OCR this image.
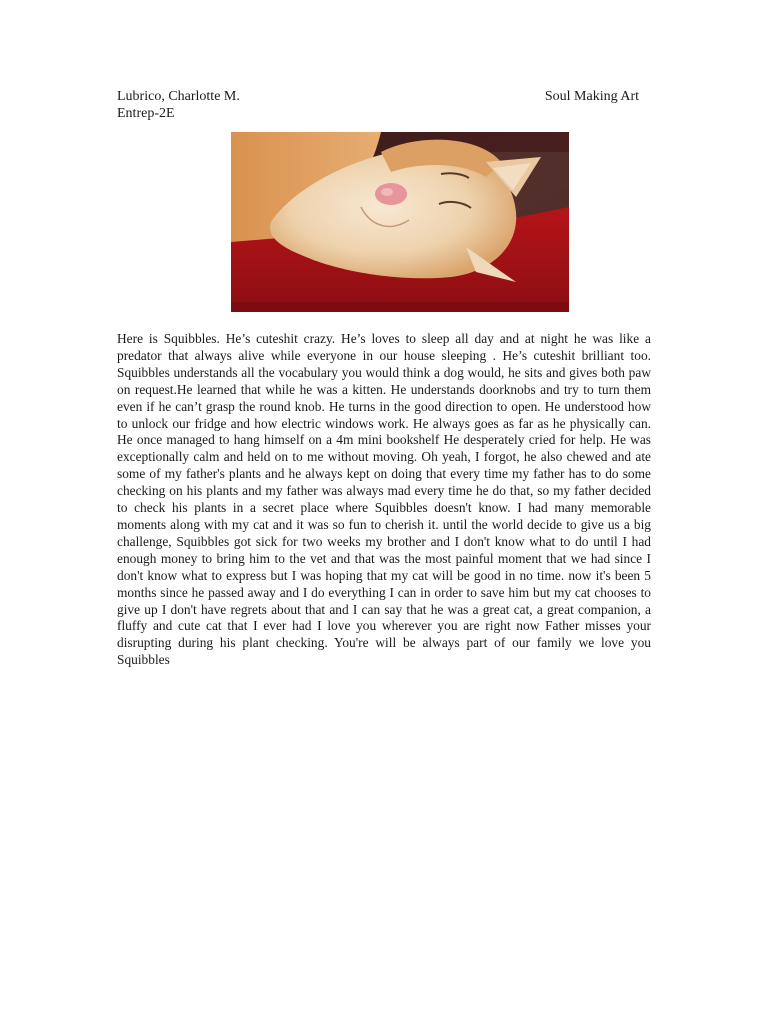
Lubrico, Charlotte M.	Soul Making Art
Entrep-2E

Here is Squibbles. He’s cuteshit crazy. He’s loves to sleep all day and at night he was like a predator that always alive while everyone in our house sleeping . He’s cuteshit brilliant too. Squibbles understands all the vocabulary you would think a dog would, he sits and gives both paw on request.He learned that while he was a kitten. He understands doorknobs and try to turn them even if he can’t grasp the round knob. He turns in the good direction to open. He understood how to unlock our fridge and how electric windows work. He always goes as far as he physically can. He once managed to hang himself on a 4m mini bookshelf He desperately cried for help. He was exceptionally calm and held on to me without moving. Oh yeah, I forgot, he also chewed and ate some of my father's plants and he always kept on doing that every time my father has to do some checking on his plants and my father was always mad every time he do that, so my father decided to check his plants in a secret place where Squibbles doesn't know. I had many memorable moments along with my cat and it was so fun to cherish it. until the world decide to give us a big challenge, Squibbles got sick for two weeks my brother and I don't know what to do until I had enough money to bring him to the vet and that was the most painful moment that we had since I don't know what to express but I was hoping that my cat will be good in no time. now it's been 5 months since he passed away and I do everything I can in order to save him but my cat chooses to give up I don't have regrets about that and I can say that he was a great cat, a great companion, a fluffy and cute cat that I ever had I love you wherever you are right now Father misses your disrupting during his plant checking. You're will be always part of our family we love you Squibbles
